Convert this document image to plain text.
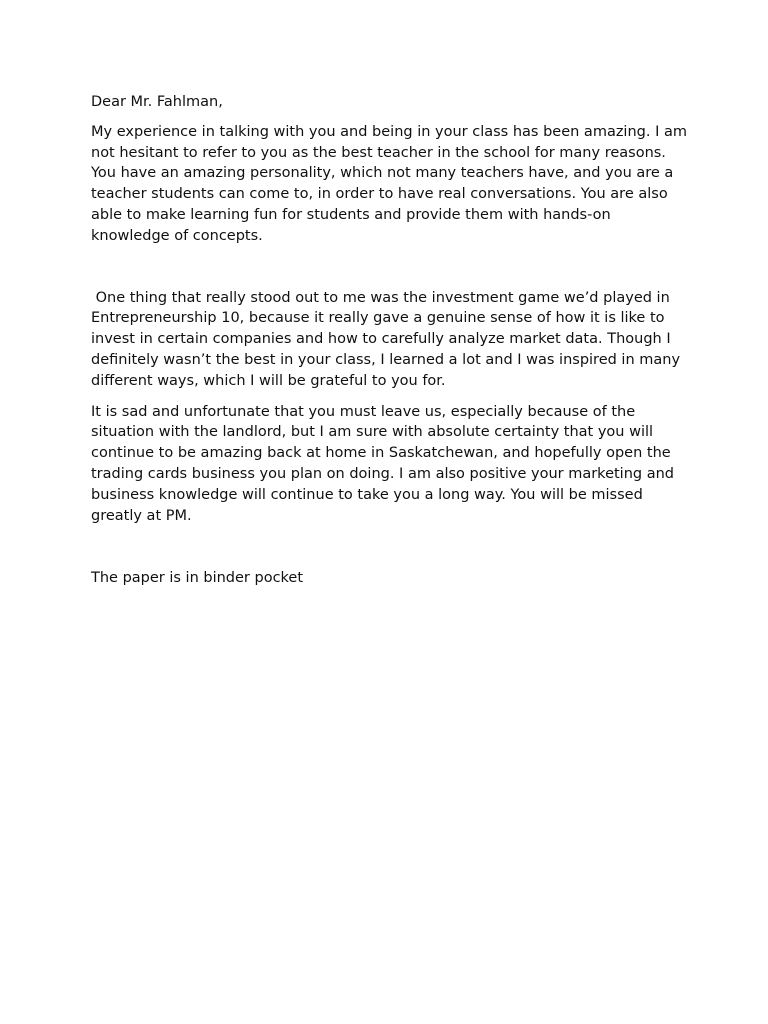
Dear Mr. Fahlman,

My experience in talking with you and being in your class has been amazing. I am not hesitant to refer to you as the best teacher in the school for many reasons. You have an amazing personality, which not many teachers have, and you are a teacher students can come to, in order to have real conversations. You are also able to make learning fun for students and provide them with hands-on knowledge of concepts.

One thing that really stood out to me was the investment game we’d played in Entrepreneurship 10, because it really gave a genuine sense of how it is like to invest in certain companies and how to carefully analyze market data. Though I definitely wasn’t the best in your class, I learned a lot and I was inspired in many different ways, which I will be grateful to you for.

It is sad and unfortunate that you must leave us, especially because of the situation with the landlord, but I am sure with absolute certainty that you will continue to be amazing back at home in Saskatchewan, and hopefully open the trading cards business you plan on doing. I am also positive your marketing and business knowledge will continue to take you a long way. You will be missed greatly at PM.

The paper is in binder pocket
